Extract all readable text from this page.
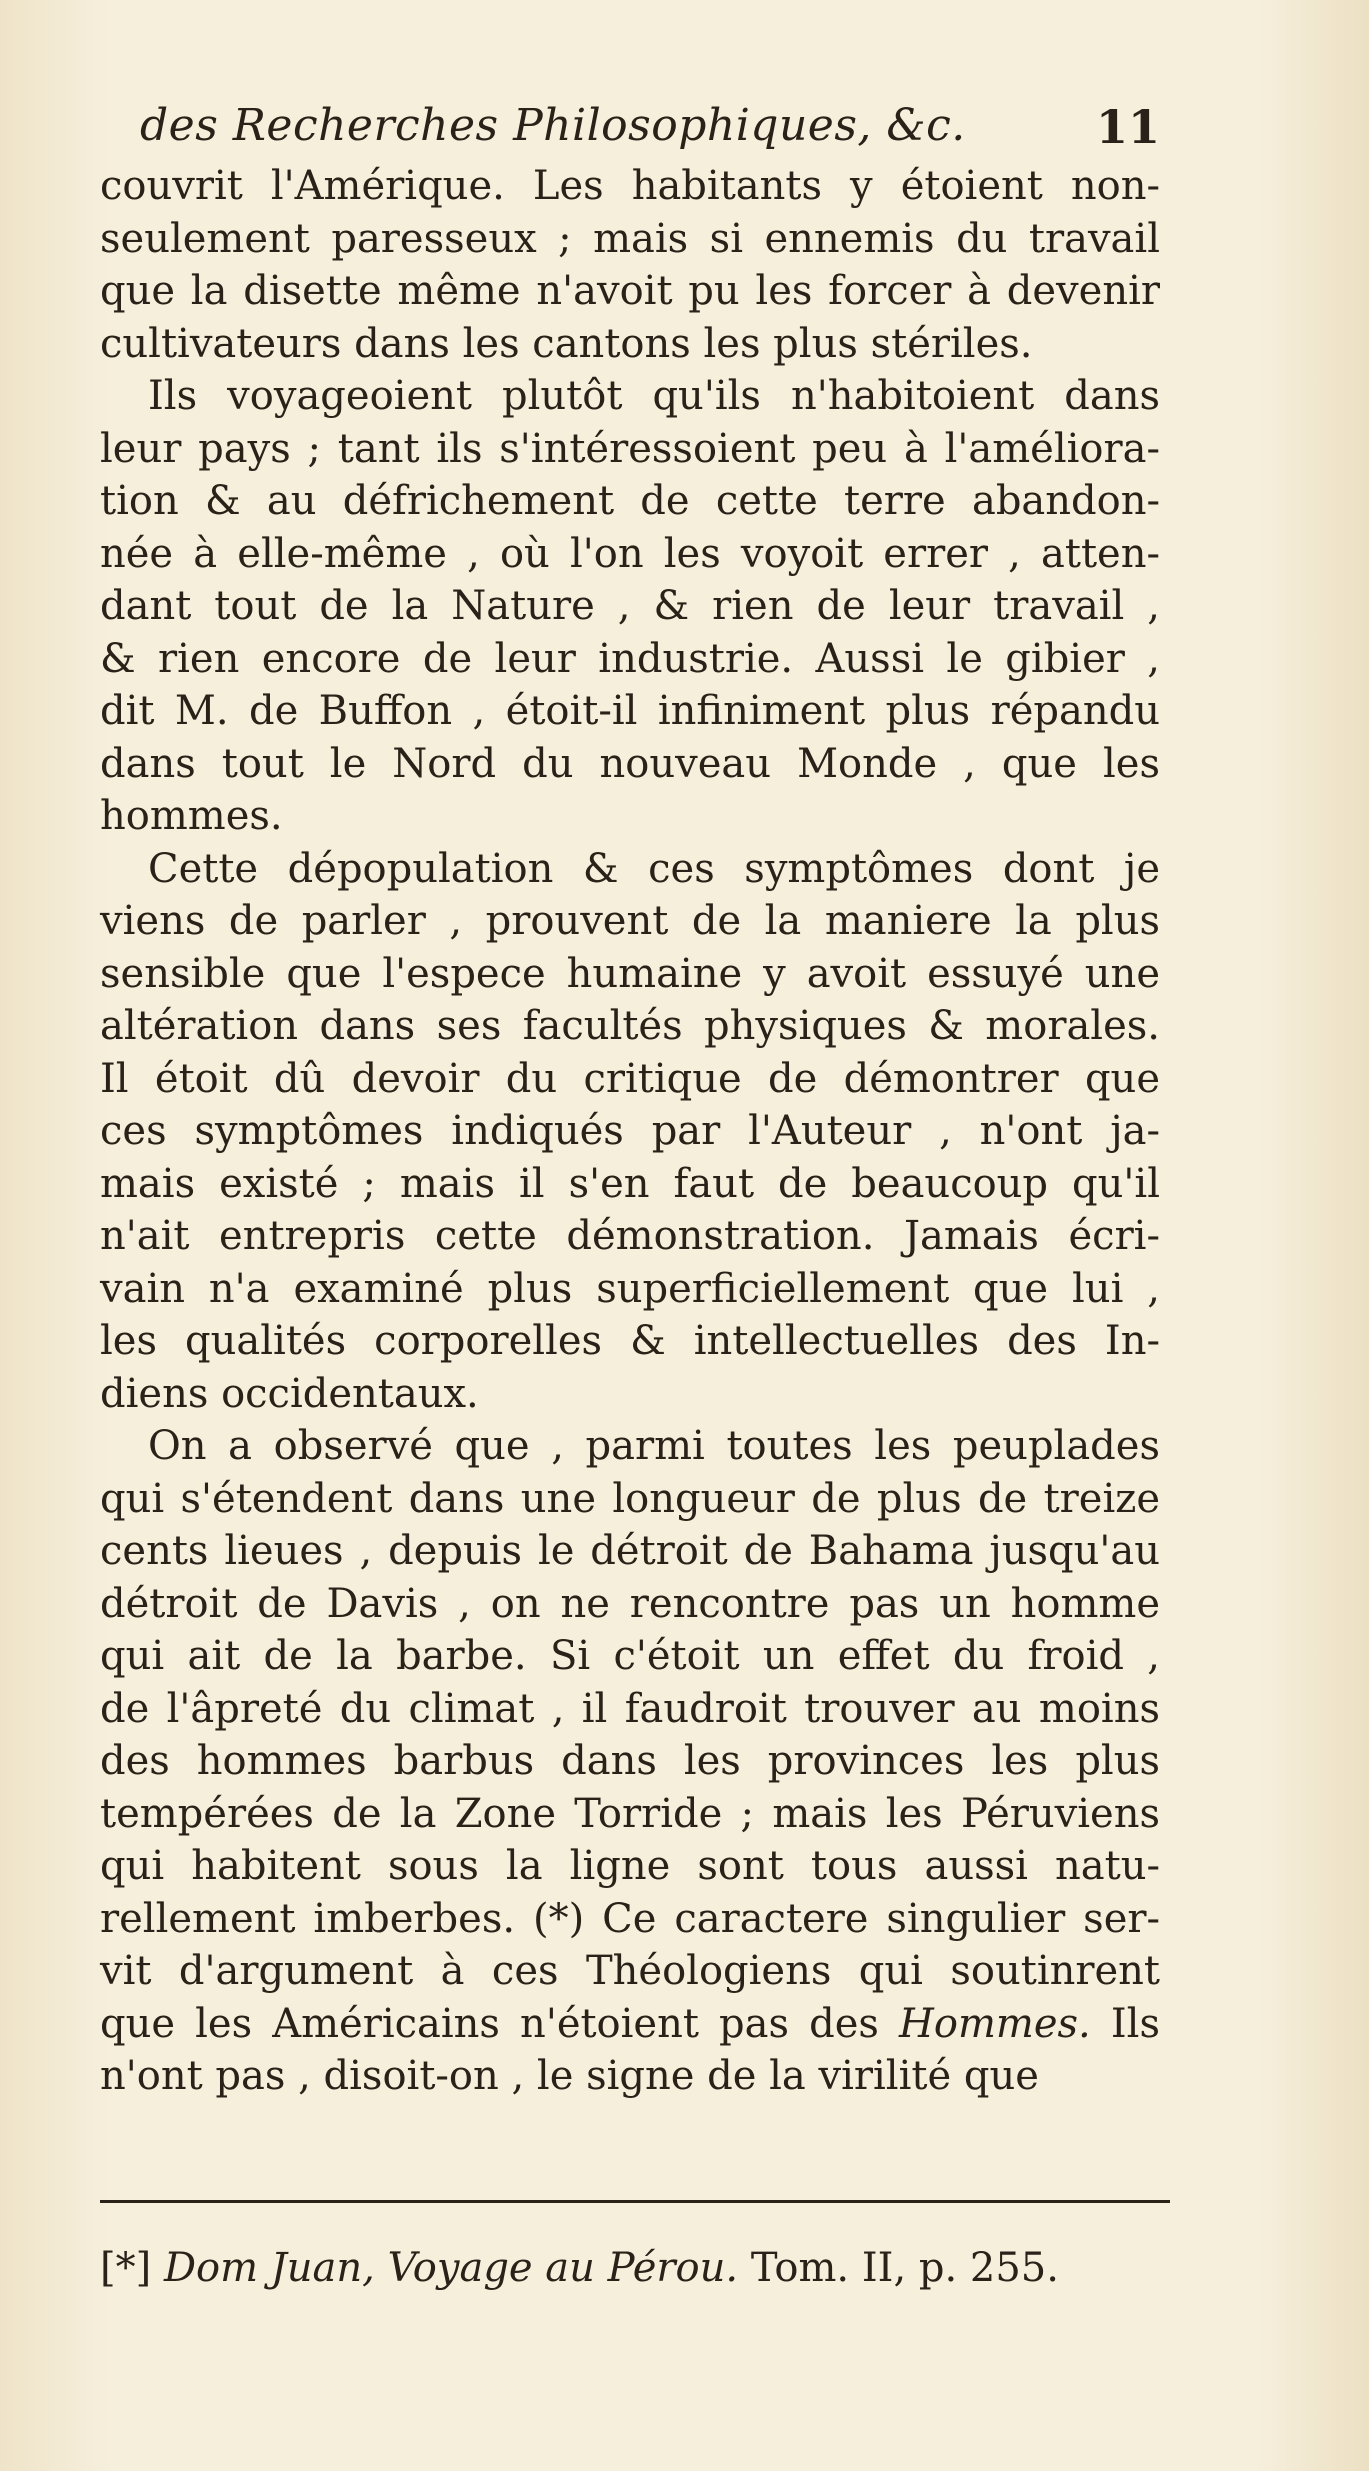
des Recherches Philosophiques, &c.	11
couvrit l'Amérique. Les habitants y étoient non-
seulement paresseux ; mais si ennemis du travail
que la disette même n'avoit pu les forcer à devenir
cultivateurs dans les cantons les plus stériles.
Ils voyageoient plutôt qu'ils n'habitoient dans
leur pays ; tant ils s'intéressoient peu à l'améliora-
tion & au défrichement de cette terre abandon-
née à elle-même , où l'on les voyoit errer , atten-
dant tout de la Nature , & rien de leur travail ,
& rien encore de leur industrie. Aussi le gibier ,
dit M. de Buffon , étoit-il infiniment plus répandu
dans tout le Nord du nouveau Monde , que les
hommes.
Cette dépopulation & ces symptômes dont je
viens de parler , prouvent de la maniere la plus
sensible que l'espece humaine y avoit essuyé une
altération dans ses facultés physiques & morales.
Il étoit dû devoir du critique de démontrer que
ces symptômes indiqués par l'Auteur , n'ont ja-
mais existé ; mais il s'en faut de beaucoup qu'il
n'ait entrepris cette démonstration. Jamais écri-
vain n'a examiné plus superficiellement que lui ,
les qualités corporelles & intellectuelles des In-
diens occidentaux.
On a observé que , parmi toutes les peuplades
qui s'étendent dans une longueur de plus de treize
cents lieues , depuis le détroit de Bahama jusqu'au
détroit de Davis , on ne rencontre pas un homme
qui ait de la barbe. Si c'étoit un effet du froid ,
de l'âpreté du climat , il faudroit trouver au moins
des hommes barbus dans les provinces les plus
tempérées de la Zone Torride ; mais les Péruviens
qui habitent sous la ligne sont tous aussi natu-
rellement imberbes. (*) Ce caractere singulier ser-
vit d'argument à ces Théologiens qui soutinrent
que les Américains n'étoient pas des Hommes. Ils
n'ont pas , disoit-on , le signe de la virilité que
[*] Dom Juan, Voyage au Pérou. Tom. II, p. 255.
